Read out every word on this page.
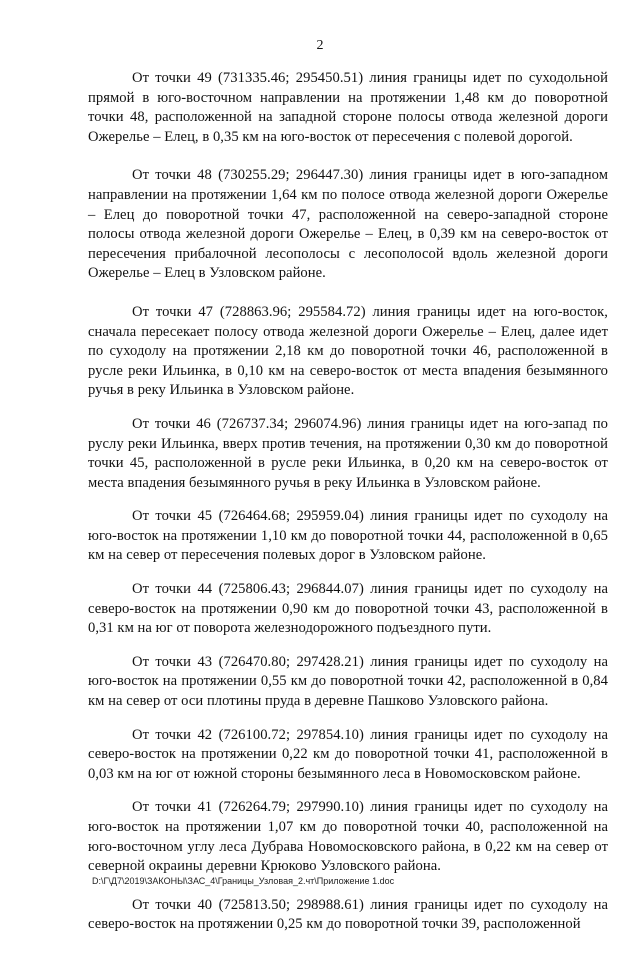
2

От точки 49 (731335.46; 295450.51) линия границы идет по суходольной прямой в юго-восточном направлении на протяжении 1,48 км до поворотной точки 48, расположенной на западной стороне полосы отвода железной дороги Ожерелье – Елец, в 0,35 км на юго-восток от пересечения с полевой дорогой.

От точки 48 (730255.29; 296447.30) линия границы идет в юго-западном направлении на протяжении 1,64 км по полосе отвода железной дороги Ожерелье – Елец до поворотной точки 47, расположенной на северо-западной стороне полосы отвода железной дороги Ожерелье – Елец, в 0,39 км на северо-восток от пересечения прибалочной лесополосы с лесополосой вдоль железной дороги Ожерелье – Елец в Узловском районе.

От точки 47 (728863.96; 295584.72) линия границы идет на юго-восток, сначала пересекает полосу отвода железной дороги Ожерелье – Елец, далее идет по суходолу на протяжении 2,18 км до поворотной точки 46, расположенной в русле реки Ильинка, в 0,10 км на северо-восток от места впадения безымянного ручья в реку Ильинка в Узловском районе.

От точки 46 (726737.34; 296074.96) линия границы идет на юго-запад по руслу реки Ильинка, вверх против течения, на протяжении 0,30 км до поворотной точки 45, расположенной в русле реки Ильинка, в 0,20 км на северо-восток от места впадения безымянного ручья в реку Ильинка в Узловском районе.

От точки 45 (726464.68; 295959.04) линия границы идет по суходолу на юго-восток на протяжении 1,10 км до поворотной точки 44, расположенной в 0,65 км на север от пересечения полевых дорог в Узловском районе.

От точки 44 (725806.43; 296844.07) линия границы идет по суходолу на северо-восток на протяжении 0,90 км до поворотной точки 43, расположенной в 0,31 км на юг от поворота железнодорожного подъездного пути.

От точки 43 (726470.80; 297428.21) линия границы идет по суходолу на юго-восток на протяжении 0,55 км до поворотной точки 42, расположенной в 0,84 км на север от оси плотины пруда в деревне Пашково Узловского района.

От точки 42 (726100.72; 297854.10) линия границы идет по суходолу на северо-восток на протяжении 0,22 км до поворотной точки 41, расположенной в 0,03 км на юг от южной стороны безымянного леса в Новомосковском районе.

От точки 41 (726264.79; 297990.10) линия границы идет по суходолу на юго-восток на протяжении 1,07 км до поворотной точки 40, расположенной на юго-восточном углу леса Дубрава Новомосковского района, в 0,22 км на север от северной окраины деревни Крюково Узловского района.

От точки 40 (725813.50; 298988.61) линия границы идет по суходолу на северо-восток на протяжении 0,25 км до поворотной точки 39, расположенной

D:\Г\Д7\2019\ЗАКОНЫ\ЗАС_4\Границы_Узловая_2.чт\Приложение 1.doc
